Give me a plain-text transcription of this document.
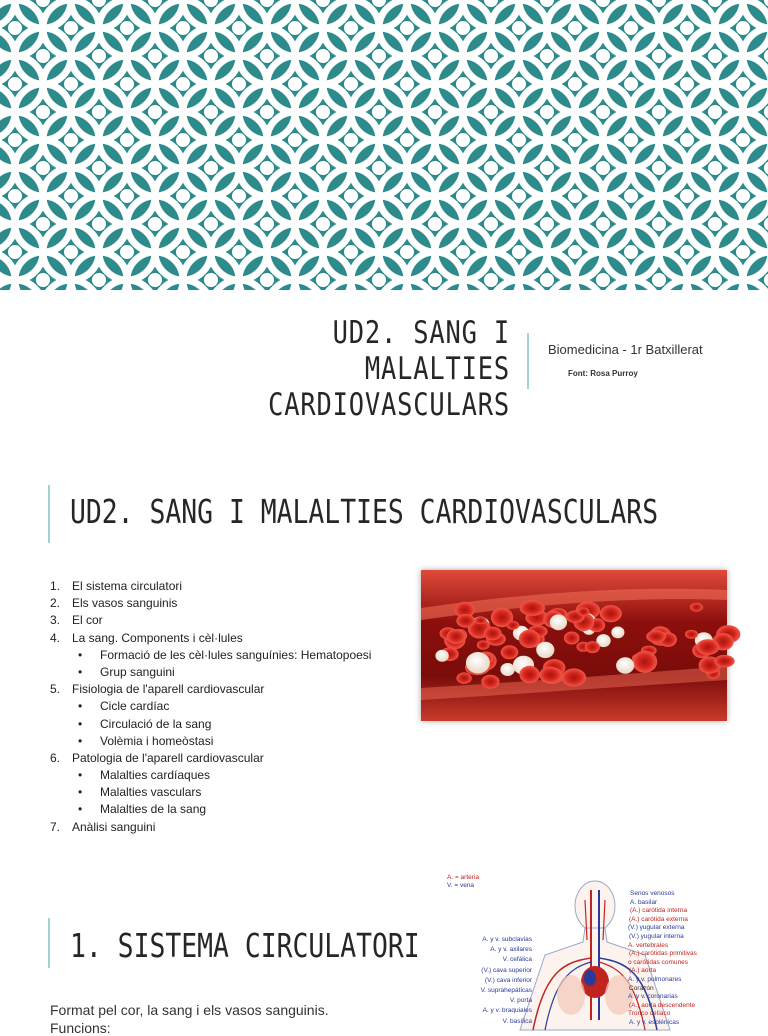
UD2. SANG I MALALTIES
CARDIOVASCULARS
Biomedicina - 1r Batxillerat
Font: Rosa Purroy
UD2. SANG I MALALTIES CARDIOVASCULARS
1. El sistema circulatori
2. Els vasos sanguinis
3. El cor
4. La sang. Components i cèl·lules
• Formació de les cèl·lules sanguínies: Hematopoesi
• Grup sanguini
5. Fisiologia de l'aparell cardiovascular
• Cicle cardíac
• Circulació de la sang
• Volèmia i homeòstasi
6. Patologia de l'aparell cardiovascular
• Malalties cardíaques
• Malalties vasculars
• Malalties de la sang
7. Anàlisi sanguini
1. SISTEMA CIRCULATORI
Format pel cor, la sang i els vasos sanguinis.
Funcions:
A. = arteria
V. = vena
Senos venosos
A. basilar
(A.) carótida interna
(A.) carótida externa
(V.) yugular externa
(V.) yugular interna
A. vertebrales
(A.) carótidas primitivas
o carótidas comunes
(A.) aorta
A. y v. pulmonares
Corazón
A. y v. coronarias
(A.) aorta descendente
Tronco celíaco
A. y v. esplénicas
A. y v. subclavias
A. y v. axilares
V. cefálica
(V.) cava superior
(V.) cava inferior
V. suprahepáticas
V. porta
A. y v. braquiales
V. basílica
